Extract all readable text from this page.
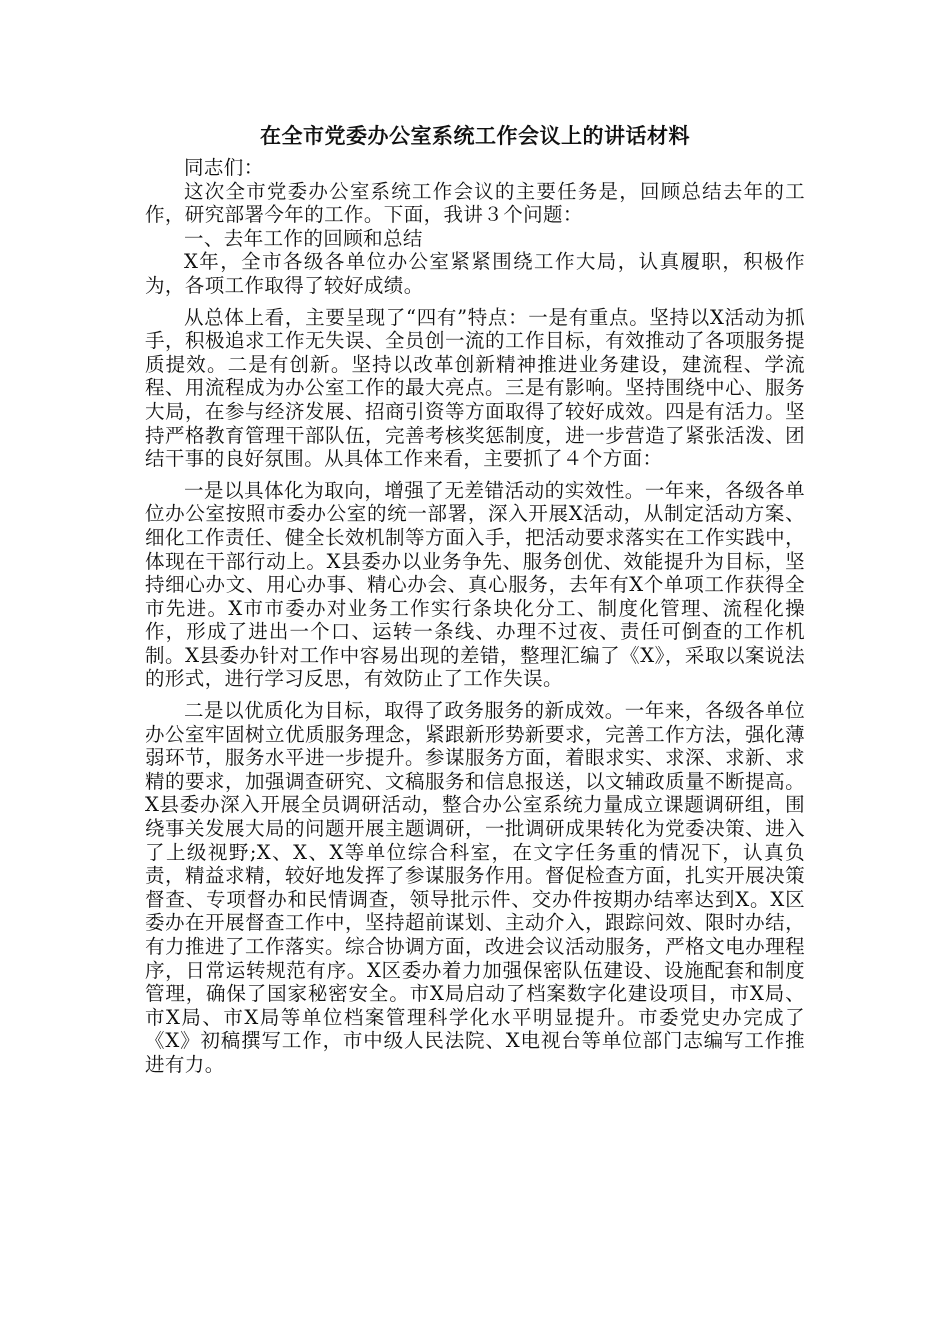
在全市党委办公室系统工作会议上的讲话材料

同志们：

这次全市党委办公室系统工作会议的主要任务是，回顾总结去年的工作，研究部署今年的工作。下面，我讲３个问题：

一、去年工作的回顾和总结

X年，全市各级各单位办公室紧紧围绕工作大局，认真履职，积极作为，各项工作取得了较好成绩。

从总体上看，主要呈现了“四有”特点：一是有重点。坚持以X活动为抓手，积极追求工作无失误、全员创一流的工作目标，有效推动了各项服务提质提效。二是有创新。坚持以改革创新精神推进业务建设，建流程、学流程、用流程成为办公室工作的最大亮点。三是有影响。坚持围绕中心、服务大局，在参与经济发展、招商引资等方面取得了较好成效。四是有活力。坚持严格教育管理干部队伍，完善考核奖惩制度，进一步营造了紧张活泼、团结干事的良好氛围。从具体工作来看，主要抓了４个方面：

一是以具体化为取向，增强了无差错活动的实效性。一年来，各级各单位办公室按照市委办公室的统一部署，深入开展X活动，从制定活动方案、细化工作责任、健全长效机制等方面入手，把活动要求落实在工作实践中，体现在干部行动上。X县委办以业务争先、服务创优、效能提升为目标，坚持细心办文、用心办事、精心办会、真心服务，去年有X个单项工作获得全市先进。X市市委办对业务工作实行条块化分工、制度化管理、流程化操作，形成了进出一个口、运转一条线、办理不过夜、责任可倒查的工作机制。X县委办针对工作中容易出现的差错，整理汇编了《X》，采取以案说法的形式，进行学习反思，有效防止了工作失误。

二是以优质化为目标，取得了政务服务的新成效。一年来，各级各单位办公室牢固树立优质服务理念，紧跟新形势新要求，完善工作方法，强化薄弱环节，服务水平进一步提升。参谋服务方面，着眼求实、求深、求新、求精的要求，加强调查研究、文稿服务和信息报送，以文辅政质量不断提高。X县委办深入开展全员调研活动，整合办公室系统力量成立课题调研组，围绕事关发展大局的问题开展主题调研，一批调研成果转化为党委决策、进入了上级视野;X、X、X等单位综合科室，在文字任务重的情况下，认真负责，精益求精，较好地发挥了参谋服务作用。督促检查方面，扎实开展决策督查、专项督办和民情调查，领导批示件、交办件按期办结率达到X。X区委办在开展督查工作中，坚持超前谋划、主动介入，跟踪问效、限时办结，有力推进了工作落实。综合协调方面，改进会议活动服务，严格文电办理程序，日常运转规范有序。X区委办着力加强保密队伍建设、设施配套和制度管理，确保了国家秘密安全。市X局启动了档案数字化建设项目，市X局、市X局、市X局等单位档案管理科学化水平明显提升。市委党史办完成了《X》初稿撰写工作，市中级人民法院、X电视台等单位部门志编写工作推进有力。
